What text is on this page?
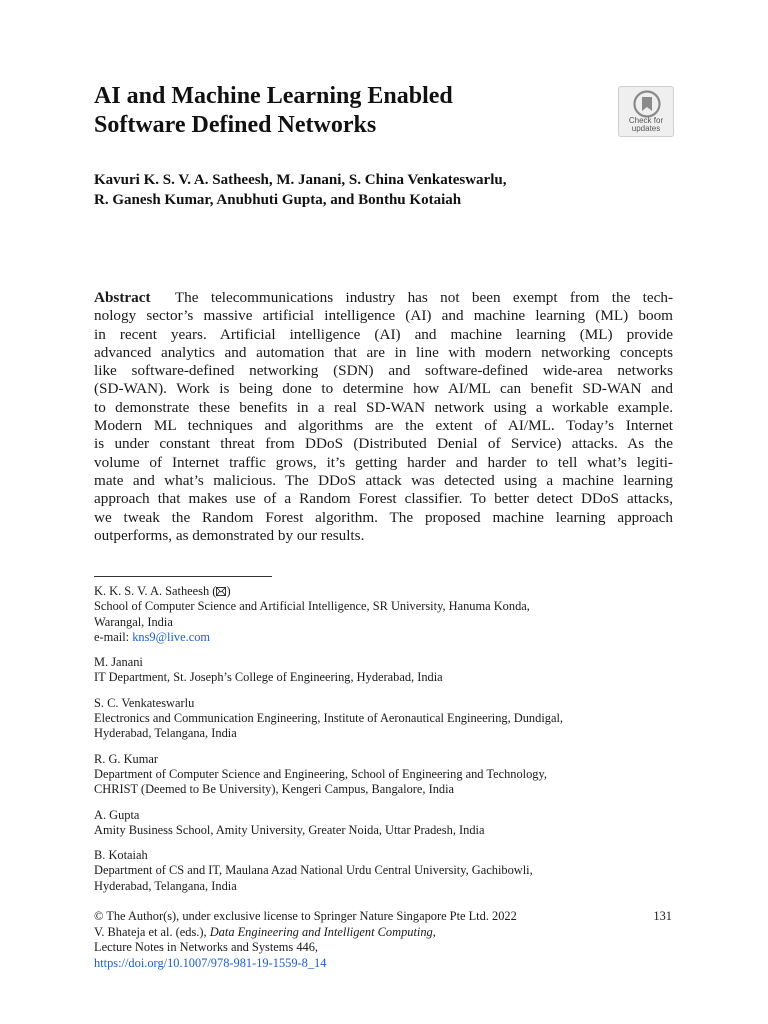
AI and Machine Learning Enabled
Software Defined Networks	Check for
updates
Kavuri K. S. V. A. Satheesh, M. Janani, S. China Venkateswarlu,
R. Ganesh Kumar, Anubhuti Gupta, and Bonthu Kotaiah
Abstract The telecommunications industry has not been exempt from the tech-
nology sector’s massive artificial intelligence (AI) and machine learning (ML) boom
in recent years. Artificial intelligence (AI) and machine learning (ML) provide
advanced analytics and automation that are in line with modern networking concepts
like software-defined networking (SDN) and software-defined wide-area networks
(SD-WAN). Work is being done to determine how AI/ML can benefit SD-WAN and
to demonstrate these benefits in a real SD-WAN network using a workable example.
Modern ML techniques and algorithms are the extent of AI/ML. Today’s Internet
is under constant threat from DDoS (Distributed Denial of Service) attacks. As the
volume of Internet traffic grows, it’s getting harder and harder to tell what’s legiti-
mate and what’s malicious. The DDoS attack was detected using a machine learning
approach that makes use of a Random Forest classifier. To better detect DDoS attacks,
we tweak the Random Forest algorithm. The proposed machine learning approach
outperforms, as demonstrated by our results.
K. K. S. V. A. Satheesh ( )
School of Computer Science and Artificial Intelligence, SR University, Hanuma Konda,
Warangal, India
e-mail: kns9@live.com
M. Janani
IT Department, St. Joseph’s College of Engineering, Hyderabad, India
S. C. Venkateswarlu
Electronics and Communication Engineering, Institute of Aeronautical Engineering, Dundigal,
Hyderabad, Telangana, India
R. G. Kumar
Department of Computer Science and Engineering, School of Engineering and Technology,
CHRIST (Deemed to Be University), Kengeri Campus, Bangalore, India
A. Gupta
Amity Business School, Amity University, Greater Noida, Uttar Pradesh, India
B. Kotaiah
Department of CS and IT, Maulana Azad National Urdu Central University, Gachibowli,
Hyderabad, Telangana, India
© The Author(s), under exclusive license to Springer Nature Singapore Pte Ltd. 2022	131
V. Bhateja et al. (eds.), Data Engineering and Intelligent Computing,
Lecture Notes in Networks and Systems 446,
https://doi.org/10.1007/978-981-19-1559-8_14
